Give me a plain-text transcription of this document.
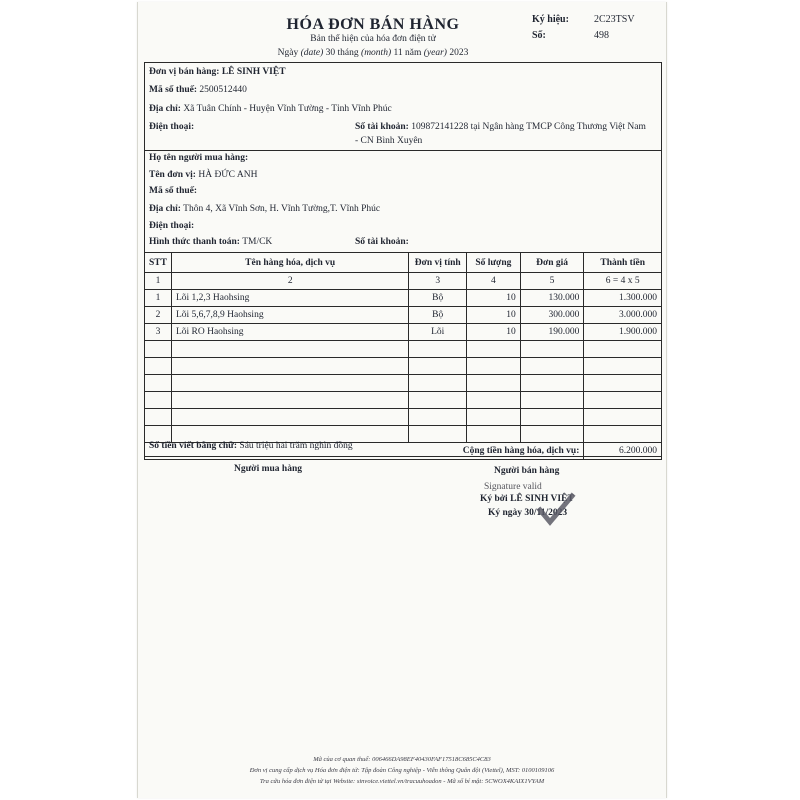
HÓA ĐƠN BÁN HÀNG
Bản thể hiện của hóa đơn điện tử
Ngày (date) 30 tháng (month) 11 năm (year) 2023
Ký hiệu:	2C23TSV
Số:	498
Đơn vị bán hàng: LÊ SINH VIỆT
Mã số thuế: 2500512440
Địa chỉ: Xã Tuân Chính - Huyện Vĩnh Tường - Tỉnh Vĩnh Phúc
Điện thoại:	Số tài khoản: 109872141228 tại Ngân hàng TMCP Công Thương Việt Nam
- CN Bình Xuyên
Họ tên người mua hàng:
Tên đơn vị: HÀ ĐỨC ANH
Mã số thuế:
Địa chỉ: Thôn 4, Xã Vĩnh Sơn, H. Vĩnh Tường,T. Vĩnh Phúc
Điện thoại:
Hình thức thanh toán: TM/CK	Số tài khoản:
STT	Tên hàng hóa, dịch vụ	Đơn vị tính	Số lượng	Đơn giá	Thành tiền
1	2	3	4	5	6 = 4 x 5
1	Lõi 1,2,3 Haohsing	Bộ	10	130.000	1.300.000
2	Lõi 5,6,7,8,9 Haohsing	Bộ	10	300.000	3.000.000
3	Lõi RO Haohsing	Lõi	10	190.000	1.900.000

Cộng tiền hàng hóa, dịch vụ:					6.200.000
Số tiền viết bằng chữ: Sáu triệu hai trăm nghìn đồng
Người mua hàng	Người bán hàng
Signature valid
Ký bởi LÊ SINH VIỆT
Ký ngày 30/11/2023
Mã của cơ quan thuế: 006466DA98EF40430FAF17518C685C4C83
Đơn vị cung cấp dịch vụ Hóa đơn điện tử: Tập đoàn Công nghiệp - Viễn thông Quân đội (Viettel), MST: 0100109106
Tra cứu hóa đơn điện tử tại Website: sinvoice.viettel.vn/tracuuhoadon - Mã số bí mật: 5CWOX4KAIX1VYAM
